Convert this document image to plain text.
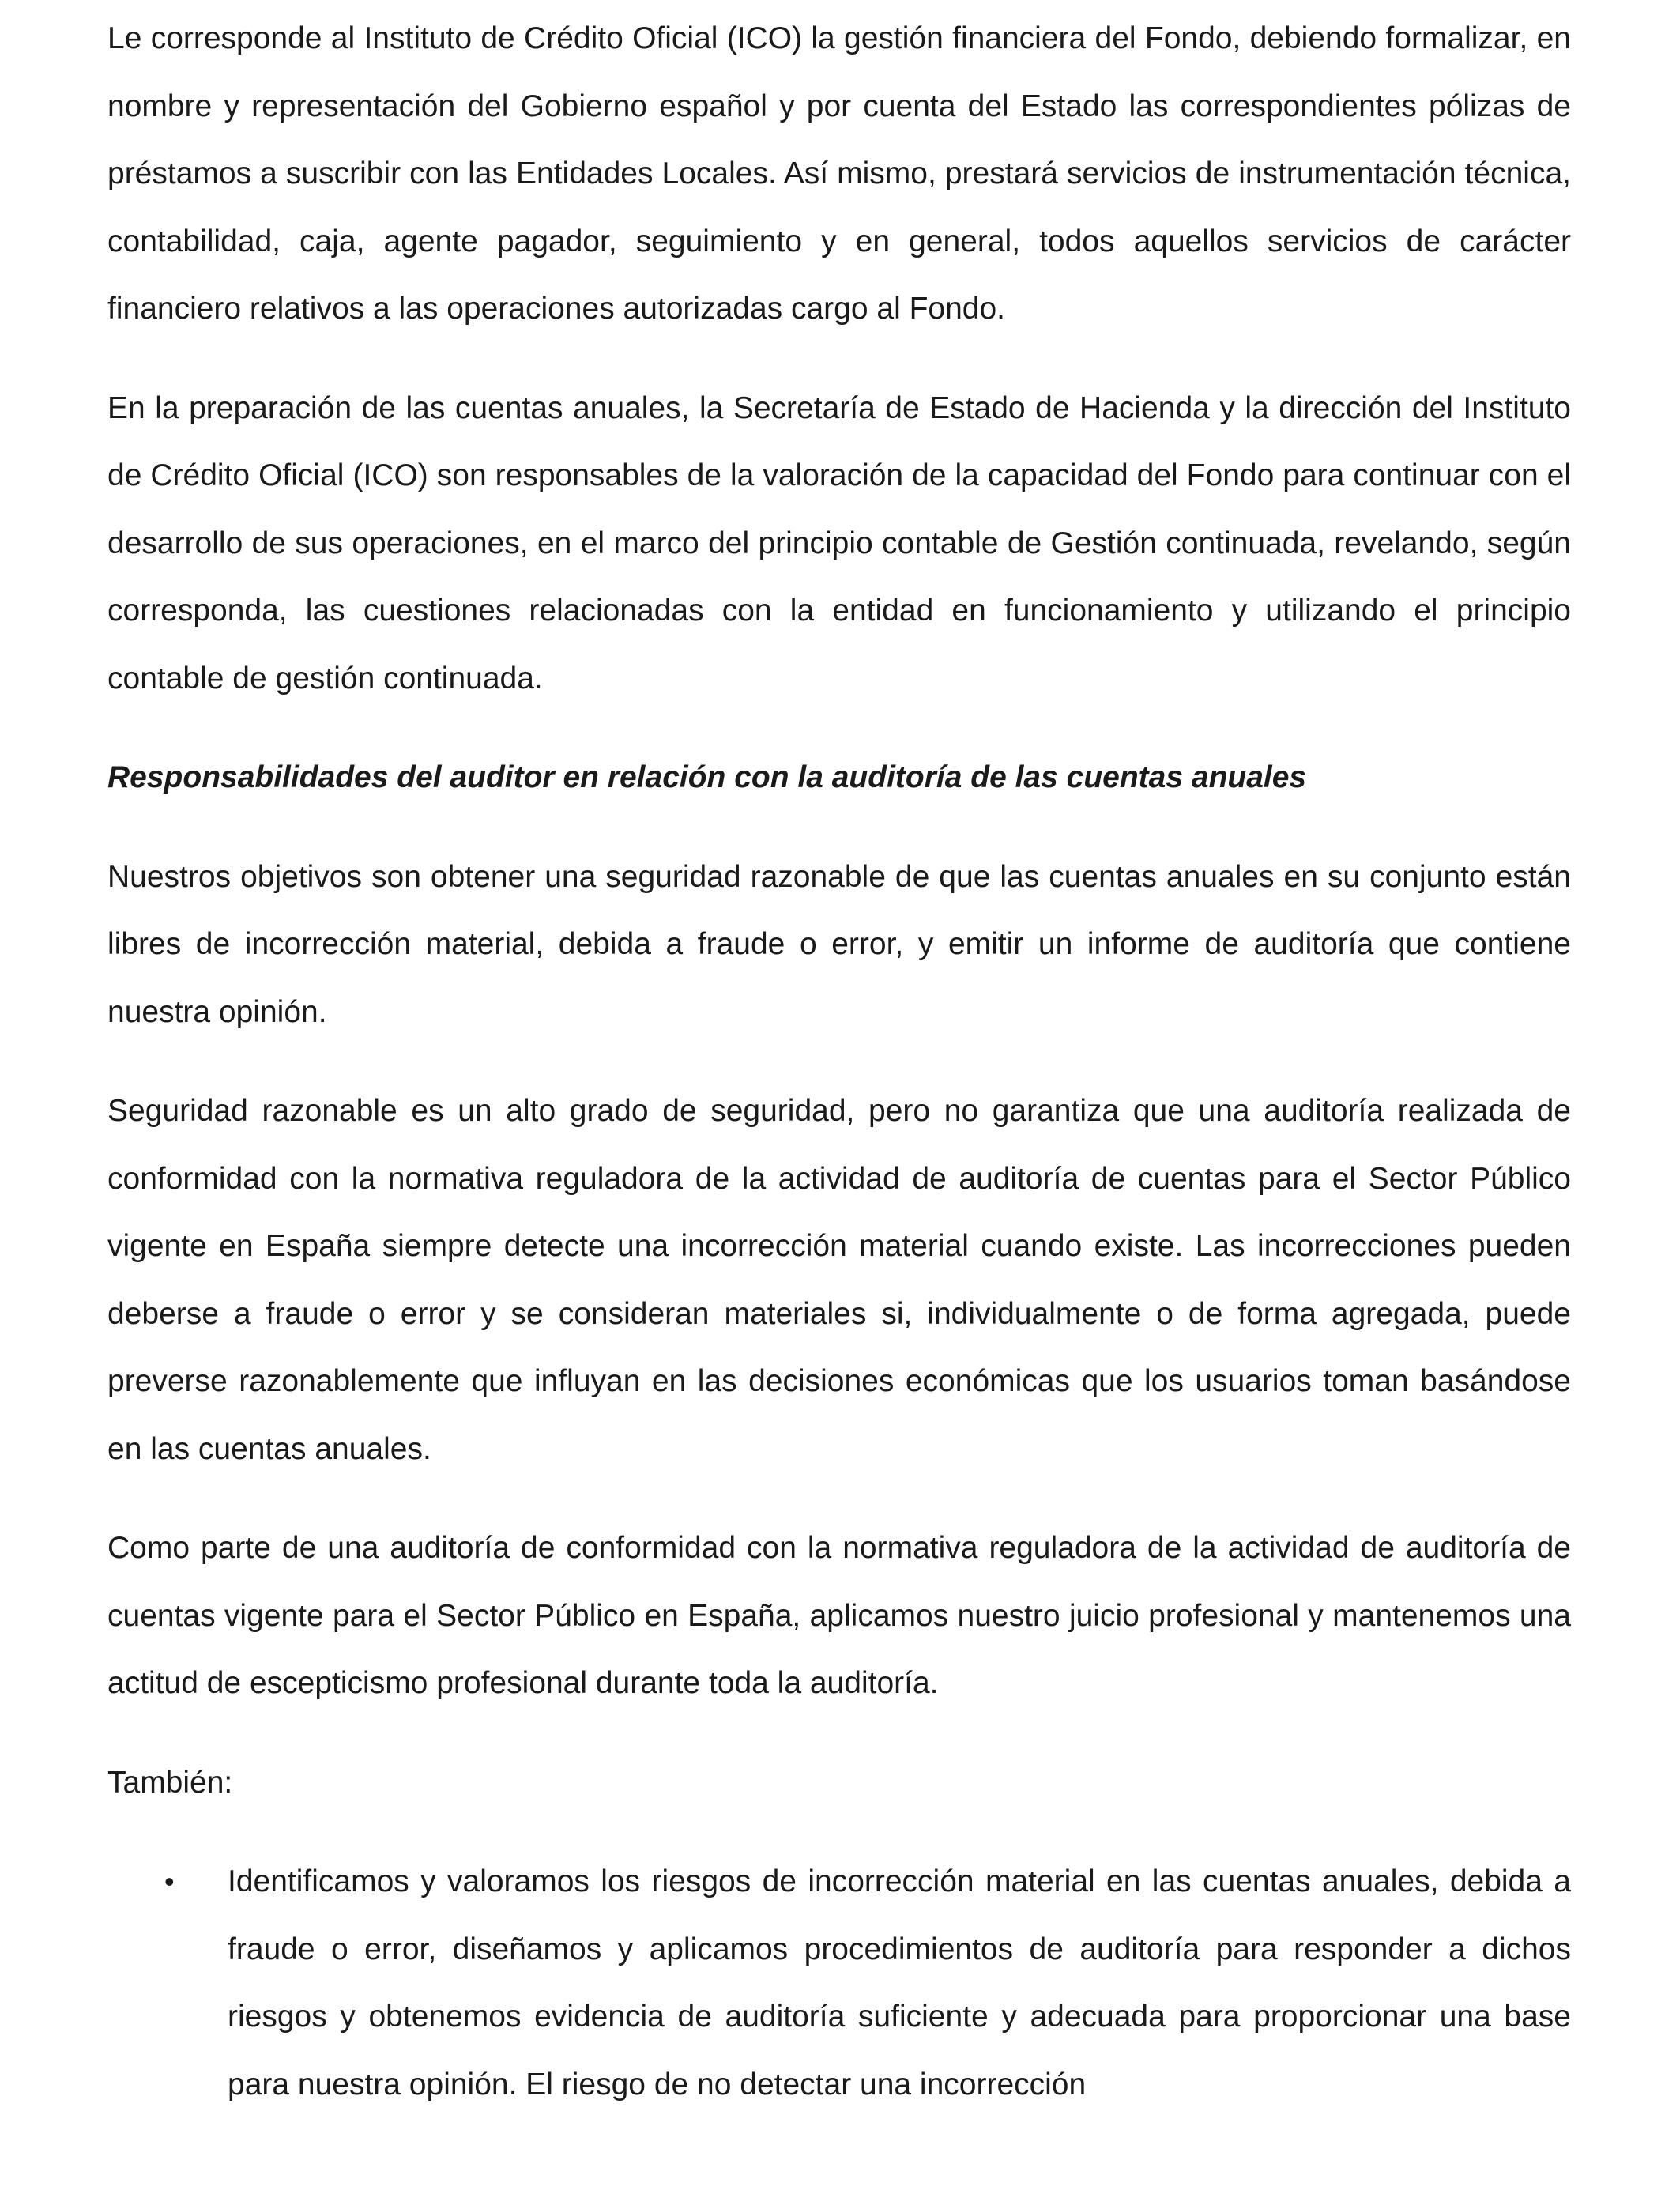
Le corresponde al Instituto de Crédito Oficial (ICO) la gestión financiera del Fondo, debiendo formalizar, en nombre y representación del Gobierno español y por cuenta del Estado las correspondientes pólizas de préstamos a suscribir con las Entidades Locales. Así mismo, prestará servicios de instrumentación técnica, contabilidad, caja, agente pagador, seguimiento y en general, todos aquellos servicios de carácter financiero relativos a las operaciones autorizadas cargo al Fondo.

En la preparación de las cuentas anuales, la Secretaría de Estado de Hacienda y la dirección del Instituto de Crédito Oficial (ICO) son responsables de la valoración de la capacidad del Fondo para continuar con el desarrollo de sus operaciones, en el marco del principio contable de Gestión continuada, revelando, según corresponda, las cuestiones relacionadas con la entidad en funcionamiento y utilizando el principio contable de gestión continuada.

Responsabilidades del auditor en relación con la auditoría de las cuentas anuales

Nuestros objetivos son obtener una seguridad razonable de que las cuentas anuales en su conjunto están libres de incorrección material, debida a fraude o error, y emitir un informe de auditoría que contiene nuestra opinión.

Seguridad razonable es un alto grado de seguridad, pero no garantiza que una auditoría realizada de conformidad con la normativa reguladora de la actividad de auditoría de cuentas para el Sector Público vigente en España siempre detecte una incorrección material cuando existe. Las incorrecciones pueden deberse a fraude o error y se consideran materiales si, individualmente o de forma agregada, puede preverse razonablemente que influyan en las decisiones económicas que los usuarios toman basándose en las cuentas anuales.

Como parte de una auditoría de conformidad con la normativa reguladora de la actividad de auditoría de cuentas vigente para el Sector Público en España, aplicamos nuestro juicio profesional y mantenemos una actitud de escepticismo profesional durante toda la auditoría.

También:

• Identificamos y valoramos los riesgos de incorrección material en las cuentas anuales, debida a fraude o error, diseñamos y aplicamos procedimientos de auditoría para responder a dichos riesgos y obtenemos evidencia de auditoría suficiente y adecuada para proporcionar una base para nuestra opinión. El riesgo de no detectar una incorrección
